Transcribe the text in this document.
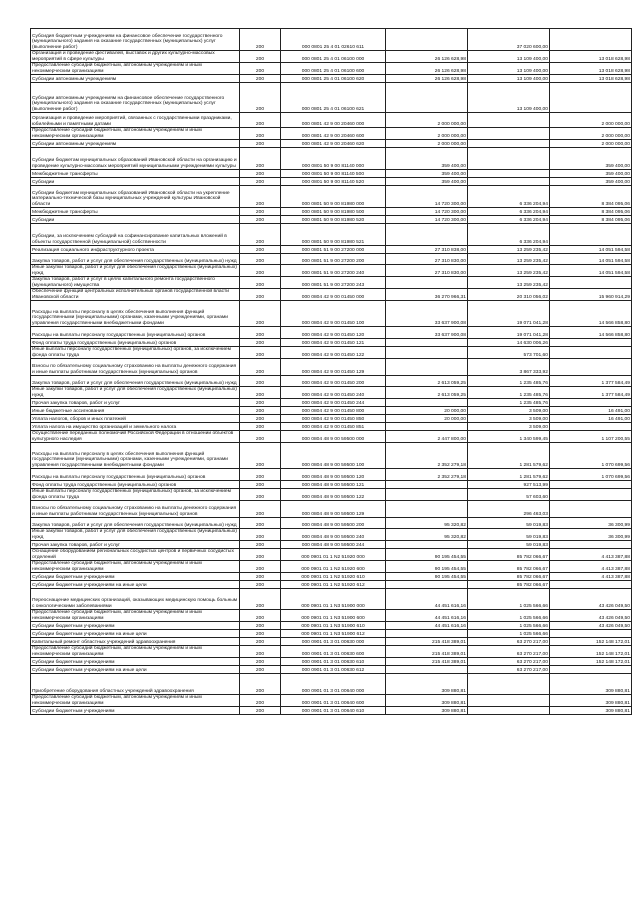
Субсидия бюджетным учреждениям на финансовое обеспечение государственного (муниципального) задания на оказание государственных (муниципальных) услуг (выполнение работ)	200	000 0801 25 4 01 02610 611		37 020 600,00	
Организация и проведение фестивалей, выставок и других культурно-массовых мероприятий в сфере культуры	200	000 0801 25 4 01 06100 000	26 126 628,98	13 109 400,00	13 018 628,98
Предоставление субсидий бюджетным, автономным учреждениям и иным некоммерческим организациям	200	000 0801 25 4 01 06100 600	26 126 628,98	13 109 400,00	13 018 628,98
Субсидии автономным учреждениям	200	000 0801 25 4 01 06100 620	26 126 628,98	13 109 400,00	13 018 628,98
Субсидии автономным учреждениям на финансовое обеспечение государственного (муниципального) задания на оказание государственных (муниципальных) услуг (выполнение работ)	200	000 0801 25 4 01 06100 621		13 109 400,00	
Организация и проведение мероприятий, связанных с государственными праздниками, юбилейными и памятными датами	200	000 0801 42 9 00 20460 000	2 000 000,00		2 000 000,00
Предоставление субсидий бюджетным, автономным учреждениям и иным некоммерческим организациям	200	000 0801 42 9 00 20460 600	2 000 000,00		2 000 000,00
Субсидии автономным учреждениям	200	000 0801 42 9 00 20460 620	2 000 000,00		2 000 000,00
Субсидии бюджетам муниципальных образований Ивановской области на организацию и проведение культурно-массовых мероприятий муниципальными учреждениями культуры	200	000 0801 50 9 00 81140 000	359 400,00		359 400,00
Межбюджетные трансферты	200	000 0801 50 9 00 81140 500	359 400,00		359 400,00
Субсидии	200	000 0801 50 9 00 81140 520	359 400,00		359 400,00
Субсидии бюджетам муниципальных образований Ивановской области на укрепление материально-технической базы муниципальных учреждений культуры Ивановской области	200	000 0801 50 9 00 81980 000	14 720 300,00	6 336 204,94	8 384 095,06
Межбюджетные трансферты	200	000 0801 50 9 00 81980 500	14 720 300,00	6 336 204,94	8 384 095,06
Субсидии	200	000 0801 50 9 00 81980 520	14 720 300,00	6 336 204,94	8 384 095,06
Субсидии, за исключением субсидий на софинансирование капитальных вложений в объекты государственной (муниципальной) собственности	200	000 0801 50 9 00 81980 521		6 336 204,94	
Реализация социального инфраструктурного проекта	200	000 0801 51 9 00 27200 000	27 310 838,00	13 259 235,42	14 051 594,58
Закупка товаров, работ и услуг для обеспечения государственных (муниципальных) нужд	200	000 0801 51 9 00 27200 200	27 310 830,00	13 259 235,42	14 051 594,58
Иные закупки товаров, работ и услуг для обеспечения государственных (муниципальных) нужд	200	000 0801 51 9 00 27200 240	27 310 830,00	13 259 235,42	14 051 594,58
Закупка товаров, работ и услуг в целях капитального ремонта государственного (муниципального) имущества	200	000 0801 51 9 00 27200 243		13 259 235,42	
Обеспечение функций центральных исполнительных органов государственной власти Ивановской области	200	000 0804 42 9 00 01450 000	36 270 966,31	20 310 056,02	15 960 914,29
Расходы на выплаты персоналу в целях обеспечения выполнения функций государственными (муниципальными) органами, казенными учреждениями, органами управления государственными внебюджетными фондами	200	000 0804 42 9 00 01450 100	33 637 900,08	19 071 041,28	14 566 858,80
Расходы на выплаты персоналу государственных (муниципальных) органов	200	000 0804 42 9 00 01450 120	33 637 900,08	19 071 041,28	14 566 858,80
Фонд оплаты труда государственных (муниципальных) органов	200	000 0804 42 9 00 01450 121		14 630 006,26	
Иные выплаты персоналу государственных (муниципальных) органов, за исключением фонда оплаты труда	200	000 0804 42 9 00 01450 122		573 701,60	
Взносы по обязательному социальному страхованию на выплаты денежного содержания и иные выплаты работникам государственных (муниципальных) органов	200	000 0804 42 9 00 01450 129		3 867 333,92	
Закупка товаров, работ и услуг для обеспечения государственных (муниципальных) нужд	200	000 0804 42 9 00 01450 200	2 613 059,25	1 235 485,76	1 377 584,49
Иные закупки товаров, работ и услуг для обеспечения государственных (муниципальных) нужд	200	000 0804 42 9 00 01450 240	2 613 059,25	1 235 485,76	1 377 584,49
Прочая закупка товаров, работ и услуг	200	000 0804 42 9 00 01450 244		1 235 485,76	
Иные бюджетные ассигнования	200	000 0804 42 9 00 01450 800	20 000,00	3 509,00	16 491,00
Уплата налогов, сборов и иных платежей	200	000 0804 42 9 00 01450 850	20 000,00	3 509,00	16 491,00
Уплата налога на имущество организаций и земельного налога	200	000 0804 42 9 00 01450 851		3 509,00	
Осуществление переданных полномочий Российской Федерации в отношении объектов культурного наследия	200	000 0804 48 9 00 59500 000	2 447 800,00	1 340 599,45	1 107 200,55
Расходы на выплаты персоналу в целях обеспечения выполнения функций государственными (муниципальными) органами, казенными учреждениями, органами управления государственными внебюджетными фондами	200	000 0804 48 9 00 59500 100	2 352 279,18	1 281 579,62	1 070 699,56
Расходы на выплаты персоналу государственных (муниципальных) органов	200	000 0804 48 9 00 59500 120	2 352 279,18	1 281 579,62	1 070 699,56
Фонд оплаты труда государственных (муниципальных) органов	200	000 0804 48 9 00 59500 121		927 513,99	
Иные выплаты персоналу государственных (муниципальных) органов, за исключением фонда оплаты труда	200	000 0804 48 9 00 59500 122		57 603,60	
Взносы по обязательному социальному страхованию на выплаты денежного содержания и иные выплаты работникам государственных (муниципальных) органов	200	000 0804 48 9 00 59500 129		296 463,03	
Закупка товаров, работ и услуг для обеспечения государственных (муниципальных) нужд	200	000 0804 48 9 00 59500 200	95 320,82	59 019,83	36 300,99
Иные закупки товаров, работ и услуг для обеспечения государственных (муниципальных) нужд	200	000 0804 48 9 00 59500 240	95 320,82	59 019,83	36 300,99
Прочая закупка товаров, работ и услуг	200	000 0804 48 9 00 59500 244		59 019,83	
Оснащение оборудованием региональных сосудистых центров и первичных сосудистых отделений	200	000 0901 01 1 N2 51920 000	90 195 454,55	85 782 066,67	4 413 387,88
Предоставление субсидий бюджетным, автономным учреждениям и иным некоммерческим организациям	200	000 0901 01 1 N2 51920 600	90 195 454,55	85 782 066,67	4 413 387,88
Субсидии бюджетным учреждениям	200	000 0901 01 1 N2 51920 610	90 195 454,55	85 782 066,67	4 413 387,88
Субсидии бюджетным учреждениям на иные цели	200	000 0901 01 1 N2 51920 612		85 782 066,67	
Переоснащение медицинских организаций, оказывающих медицинскую помощь больным с онкологическими заболеваниями	200	000 0901 01 1 N3 51900 000	44 451 616,16	1 025 566,66	43 426 049,50
Предоставление субсидий бюджетным, автономным учреждениям и иным некоммерческим организациям	200	000 0901 01 1 N3 51900 600	44 451 616,16	1 025 566,66	43 426 049,50
Субсидии бюджетным учреждениям	200	000 0901 01 1 N3 51900 610	44 451 616,16	1 025 566,66	43 426 049,50
Субсидии бюджетным учреждениям на иные цели	200	000 0901 01 1 N3 51900 612		1 025 566,66	
Капитальный ремонт областных учреждений здравоохранения	200	000 0901 01 3 01 00630 000	215 418 389,01	63 270 217,00	152 148 172,01
Предоставление субсидий бюджетным, автономным учреждениям и иным некоммерческим организациям	200	000 0901 01 3 01 00630 600	215 418 389,01	63 270 217,00	152 148 172,01
Субсидии бюджетным учреждениям	200	000 0901 01 3 01 00630 610	215 418 389,01	63 270 217,00	152 148 172,01
Субсидии бюджетным учреждениям на иные цели	200	000 0901 01 3 01 00630 612		63 270 217,00	
Приобретение оборудования областных учреждений здравоохранения	200	000 0901 01 3 01 00640 000	309 880,81		309 880,81
Предоставление субсидий бюджетным, автономным учреждениям и иным некоммерческим организациям	200	000 0901 01 3 01 00640 600	309 880,81		309 880,81
Субсидии бюджетным учреждениям	200	000 0901 01 3 01 00640 610	309 880,81		309 880,81
